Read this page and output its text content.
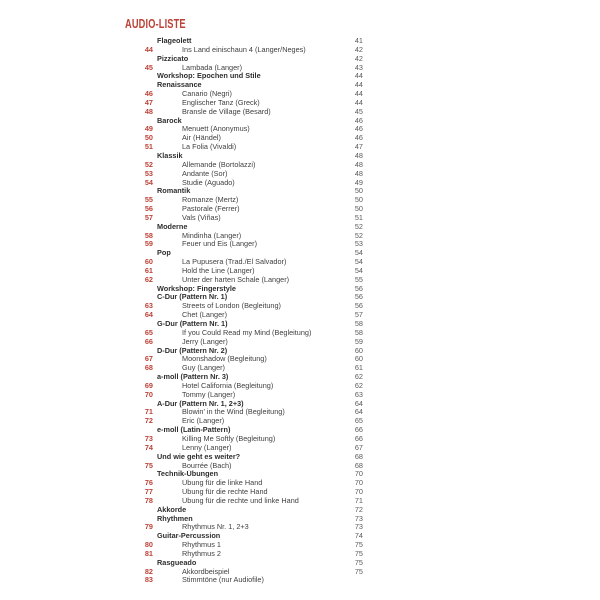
AUDIO-LISTE
Flageolett	41
44	Ins Land einischaun 4 (Langer/Neges)	42
Pizzicato	42
45	Lambada (Langer)	43
Workshop: Epochen und Stile	44
Renaissance	44
46	Canario (Negri)	44
47	Englischer Tanz (Greck)	44
48	Bransle de Village (Besard)	45
Barock	46
49	Menuett (Anonymus)	46
50	Air (Händel)	46
51	La Folia (Vivaldi)	47
Klassik	48
52	Allemande (Bortolazzi)	48
53	Andante (Sor)	48
54	Studie (Aguado)	49
Romantik	50
55	Romanze (Mertz)	50
56	Pastorale (Ferrer)	50
57	Vals (Viñas)	51
Moderne	52
58	Mindinha (Langer)	52
59	Feuer und Eis (Langer)	53
Pop	54
60	La Pupusera (Trad./El Salvador)	54
61	Hold the Line (Langer)	54
62	Unter der harten Schale (Langer)	55
Workshop: Fingerstyle	56
C-Dur (Pattern Nr. 1)	56
63	Streets of London (Begleitung)	56
64	Chet (Langer)	57
G-Dur (Pattern Nr. 1)	58
65	If you Could Read my Mind (Begleitung)	58
66	Jerry (Langer)	59
D-Dur (Pattern Nr. 2)	60
67	Moonshadow (Begleitung)	60
68	Guy (Langer)	61
a-moll (Pattern Nr. 3)	62
69	Hotel California (Begleitung)	62
70	Tommy (Langer)	63
A-Dur (Pattern Nr. 1, 2+3)	64
71	Blowin' in the Wind (Begleitung)	64
72	Eric (Langer)	65
e-moll (Latin-Pattern)	66
73	Killing Me Softly (Begleitung)	66
74	Lenny (Langer)	67
Und wie geht es weiter?	68
75	Bourrée (Bach)	68
Technik-Übungen	70
76	Übung für die linke Hand	70
77	Übung für die rechte Hand	70
78	Übung für die rechte und linke Hand	71
Akkorde	72
Rhythmen	73
79	Rhythmus Nr. 1, 2+3	73
Guitar-Percussion	74
80	Rhythmus 1	75
81	Rhythmus 2	75
Rasgueado	75
82	Akkordbeispiel	75
83	Stimmtöne (nur Audiofile)
